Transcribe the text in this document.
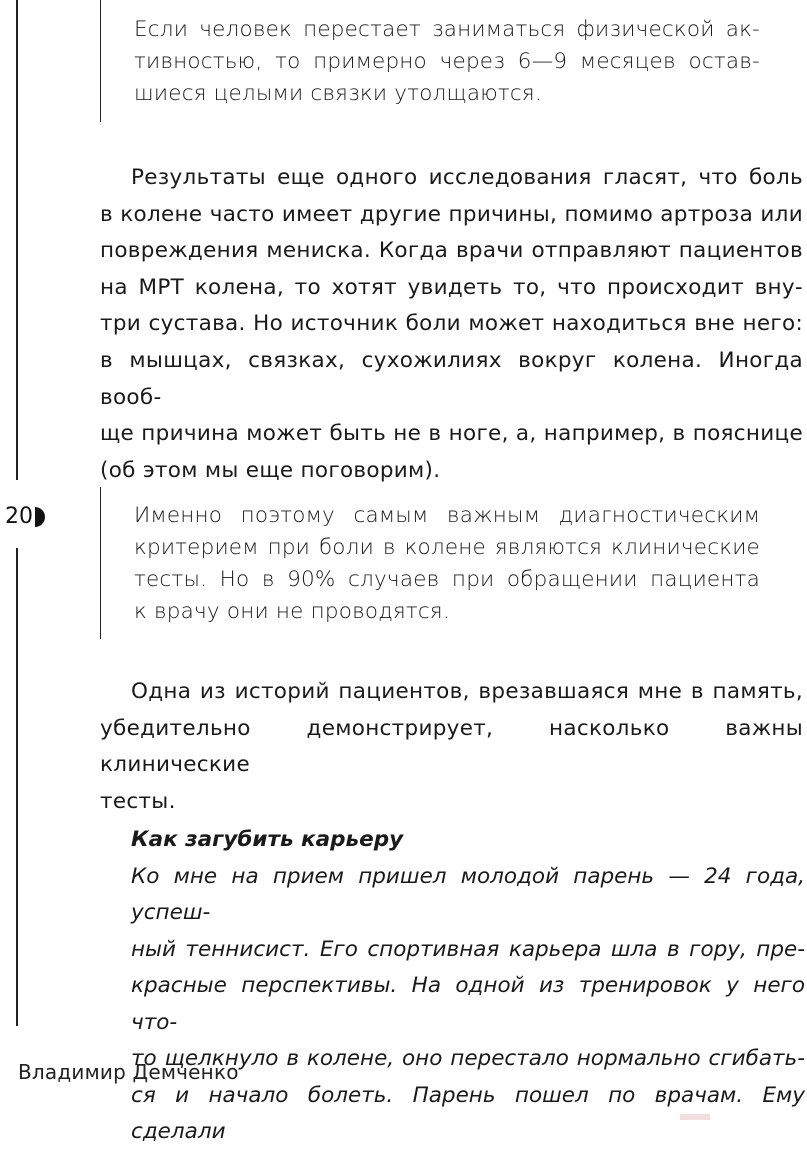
Если человек перестает заниматься физической ак-
тивностью, то примерно через 6—9 месяцев остав-
шиеся целыми связки утолщаются.
Результаты еще одного исследования гласят, что боль
в колене часто имеет другие причины, помимо артроза или
повреждения мениска. Когда врачи отправляют пациентов
на МРТ колена, то хотят увидеть то, что происходит вну-
три сустава. Но источник боли может находиться вне него:
в мышцах, связках, сухожилиях вокруг колена. Иногда вооб-
ще причина может быть не в ноге, а, например, в пояснице
(об этом мы еще поговорим).
20	Именно поэтому самым важным диагностическим
критерием при боли в колене являются клинические
тесты. Но в 90% случаев при обращении пациента
к врачу они не проводятся.
Одна из историй пациентов, врезавшаяся мне в память,
убедительно демонстрирует, насколько важны клинические
тесты.
Как загубить карьеру
Ко мне на прием пришел молодой парень — 24 года, успеш-
ный теннисист. Его спортивная карьера шла в гору, пре-
красные перспективы. На одной из тренировок у него что-
то щелкнуло в колене, оно перестало нормально сгибать-
ся и начало болеть. Парень пошел по врачам. Ему сделали
Владимир Демченко
